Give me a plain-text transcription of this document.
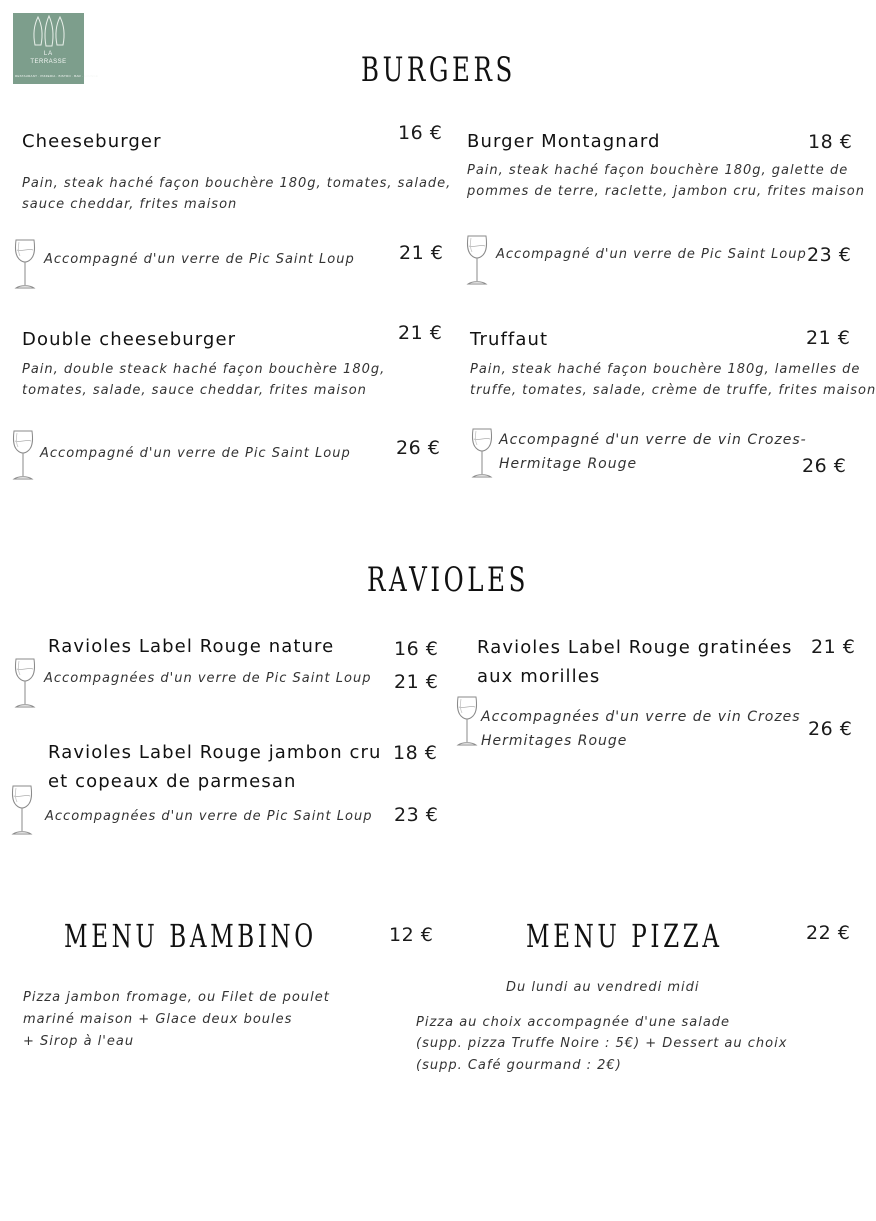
LA
TERRASSE
RESTAURANT · PIZZERIA · BISTRO · BAR · LOUNGE	BURGERS
Cheeseburger	16 €
Pain, steak haché façon bouchère 180g, tomates, salade,
sauce cheddar, frites maison
Accompagné d'un verre de Pic Saint Loup 21 €
Burger Montagnard	18 €
Pain, steak haché façon bouchère 180g, galette de
pommes de terre, raclette, jambon cru, frites maison
Accompagné d'un verre de Pic Saint Loup 23 €
Double cheeseburger	21 €
Pain, double steack haché façon bouchère 180g,
tomates, salade, sauce cheddar, frites maison
Accompagné d'un verre de Pic Saint Loup 26 €
Truffaut	21 €
Pain, steak haché façon bouchère 180g, lamelles de
truffe, tomates, salade, crème de truffe, frites maison
Accompagné d'un verre de vin Crozes-
Hermitage Rouge	26 €
RAVIOLES
Ravioles Label Rouge nature	16 €
Accompagnées d'un verre de Pic Saint Loup 21 €
Ravioles Label Rouge gratinées
aux morilles
21 €
Accompagnées d'un verre de vin Crozes
Hermitages Rouge
26 €
Ravioles Label Rouge jambon cru
et copeaux de parmesan
18 €
Accompagnées d'un verre de Pic Saint Loup 23 €
MENU BAMBINO	12 €
Pizza jambon fromage, ou Filet de poulet
mariné maison + Glace deux boules
+ Sirop à l'eau
MENU PIZZA	22 €
Du lundi au vendredi midi
Pizza au choix accompagnée d'une salade
(supp. pizza Truffe Noire : 5€) + Dessert au choix
(supp. Café gourmand : 2€)
